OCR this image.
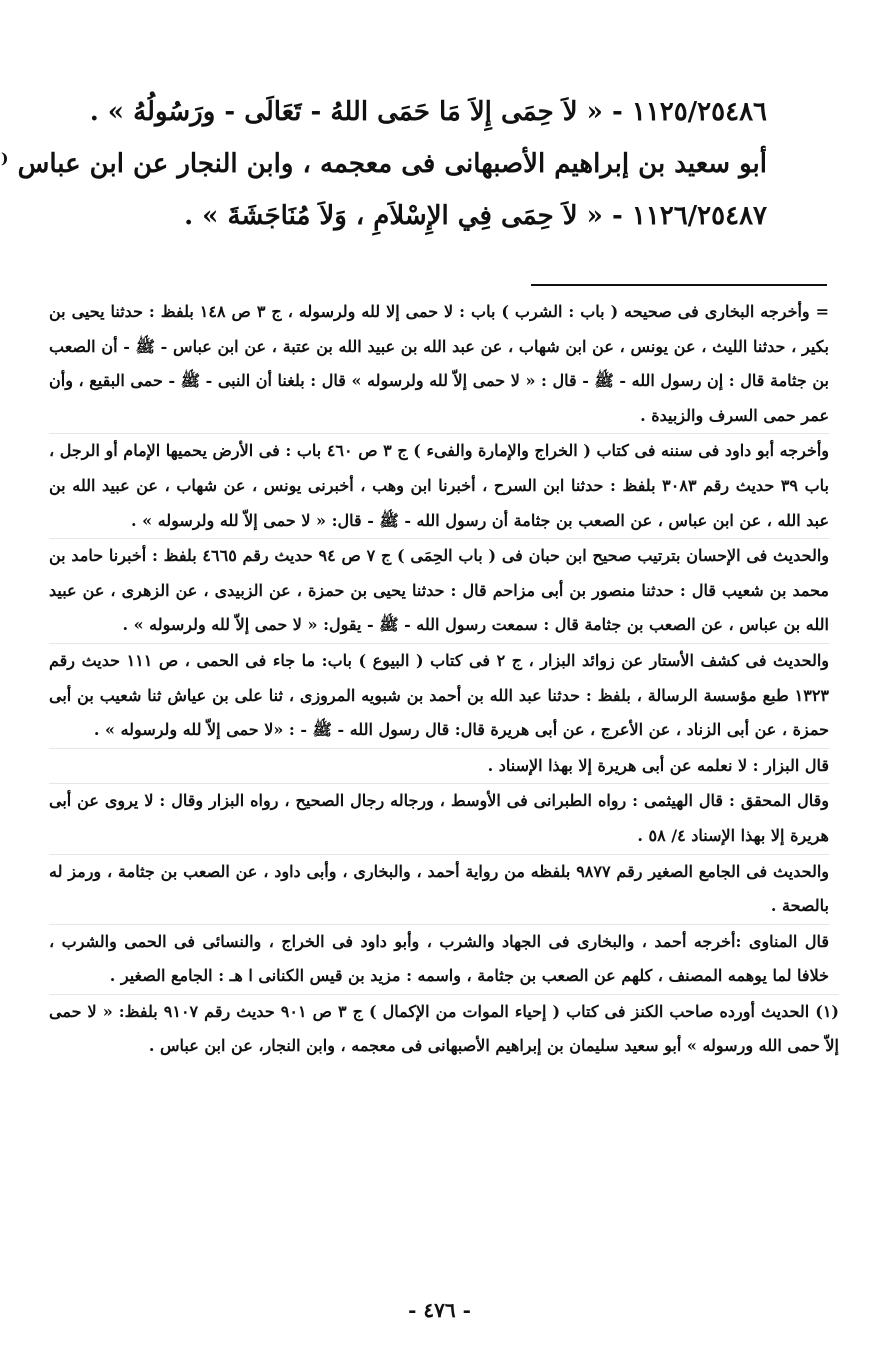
١١٢٥/٢٥٤٨٦ - « لاَ حِمَى إِلاَ مَا حَمَى اللهُ - تَعَالَى - ورَسُولُهُ » .
أبو سعيد بن إبراهيم الأصبهانى فى معجمه ، وابن النجار عن ابن عباس ⁽
١١٢٦/٢٥٤٨٧ - « لاَ حِمَى فِي الإِسْلاَمِ ، وَلاَ مُنَاجَشَةَ » .

= وأخرجه البخارى فى صحيحه ( باب : الشرب ) باب : لا حمى إلا لله ولرسوله ، ج ٣ ص ١٤٨ بلفظ : حدثنا يحيى بن بكير ، حدثنا الليث ، عن يونس ، عن ابن شهاب ، عن عبد الله بن عبيد الله بن عتبة ، عن ابن عباس - ﷺ - أن الصعب بن جثامة قال : إن رسول الله - ﷺ - قال : « لا حمى إلاّ لله ولرسوله » قال : بلغنا أن النبى - ﷺ - حمى البقيع ، وأن عمر حمى السرف والزبيدة .

وأخرجه أبو داود فى سننه فى كتاب ( الخراج والإمارة والفىء ) ج ٣ ص ٤٦٠ باب : فى الأرض يحميها الإمام أو الرجل ، باب ٣٩ حديث رقم ٣٠٨٣ بلفظ : حدثنا ابن السرح ، أخبرنا ابن وهب ، أخبرنى يونس ، عن شهاب ، عن عبيد الله بن عبد الله ، عن ابن عباس ، عن الصعب بن جثامة أن رسول الله - ﷺ - قال: « لا حمى إلاّ لله ولرسوله » .

والحديث فى الإحسان بترتيب صحيح ابن حبان فى ( باب الحِمَى ) ج ٧ ص ٩٤ حديث رقم ٤٦٦٥ بلفظ : أخبرنا حامد بن محمد بن شعيب قال : حدثنا منصور بن أبى مزاحم قال : حدثنا يحيى بن حمزة ، عن الزبيدى ، عن الزهرى ، عن عبيد الله بن عباس ، عن الصعب بن جثامة قال : سمعت رسول الله - ﷺ - يقول: « لا حمى إلاّ لله ولرسوله » .

والحديث فى كشف الأستار عن زوائد البزار ، ج ٢ فى كتاب ( البيوع ) باب: ما جاء فى الحمى ، ص ١١١ حديث رقم ١٣٢٣ طبع مؤسسة الرسالة ، بلفظ : حدثنا عبد الله بن أحمد بن شبويه المروزى ، ثنا على بن عياش ثنا شعيب بن أبى حمزة ، عن أبى الزناد ، عن الأعرج ، عن أبى هريرة قال: قال رسول الله - ﷺ - : «لا حمى إلاّ لله ولرسوله » .

قال البزار : لا نعلمه عن أبى هريرة إلا بهذا الإسناد .

وقال المحقق : قال الهيثمى : رواه الطبرانى فى الأوسط ، ورجاله رجال الصحيح ، رواه البزار وقال : لا يروى عن أبى هريرة إلا بهذا الإسناد ٤/ ٥٨ .

والحديث فى الجامع الصغير رقم ٩٨٧٧ بلفظه من رواية أحمد ، والبخارى ، وأبى داود ، عن الصعب بن جثامة ، ورمز له بالصحة .

قال المناوى :أخرجه أحمد ، والبخارى فى الجهاد والشرب ، وأبو داود فى الخراج ، والنسائى فى الحمى والشرب ، خلافا لما يوهمه المصنف ، كلهم عن الصعب بن جثامة ، واسمه : مزيد بن قيس الكنانى ا هـ : الجامع الصغير .

(١) الحديث أورده صاحب الكنز فى كتاب ( إحياء الموات من الإكمال ) ج ٣ ص ٩٠١ حديث رقم ٩١٠٧ بلفظ: « لا حمى إلاّ حمى الله ورسوله » أبو سعيد سليمان بن إبراهيم الأصبهانى فى معجمه ، وابن النجار، عن ابن عباس .

- ٤٧٦ -
